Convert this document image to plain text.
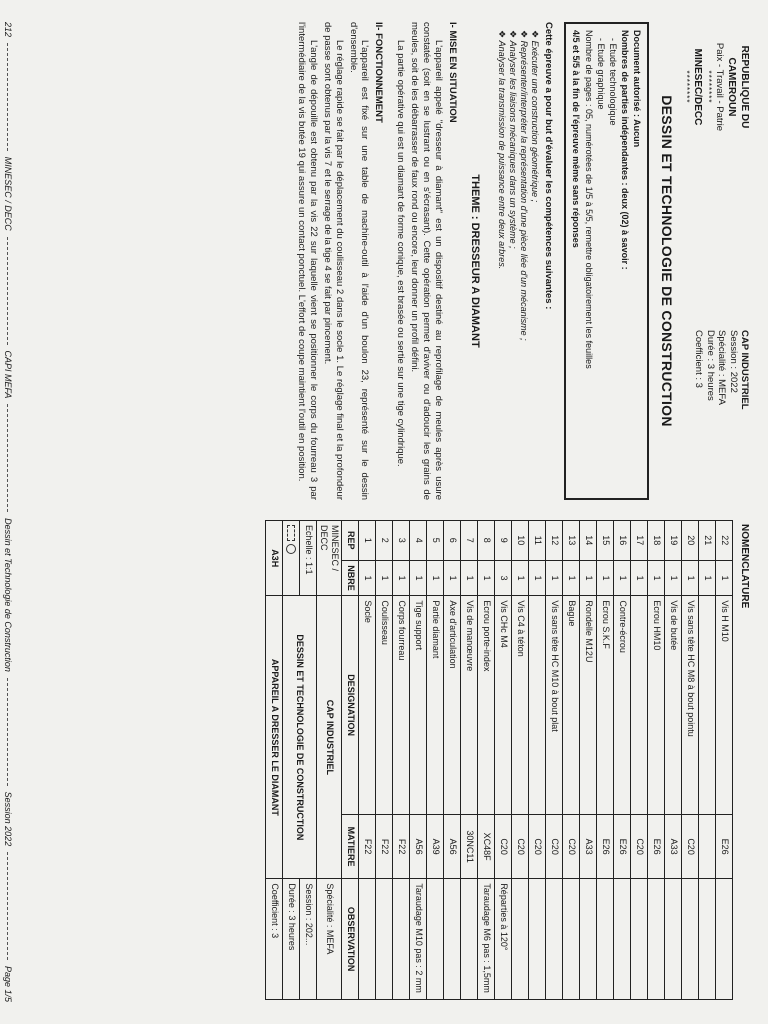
REPUBLIQUE DU CAMEROUN
Paix - Travail - Patrie
********
MINESEC/DECC
********
CAP INDUSTRIEL
Session : 2022
Spécialité : MEFA
Durée : 3 heures
Coefficient : 3
DESSIN ET TECHNOLOGIE DE CONSTRUCTION
Document autorisé : Aucun
Nombres de parties indépendantes : deux (02) à savoir :
- Etude technologique
- Etude graphique
Nombre de pages : 05, numérotées de 1/5 à 5/5, remettre obligatoirement les feuilles
4/5 et 5/5 à la fin de l'épreuve même sans réponses
Cette épreuve a pour but d'évaluer les compétences suivantes :
❖ Exécuter une construction géométrique ;
❖ Représenter/interpréter la représentation d'une pièce liée d'un mécanisme ;
❖ Analyser les liaisons mécaniques dans un système ;
❖ Analyser la transmission de puissance entre deux arbres.
THEME : DRESSEUR A DIAMANT
I- MISE EN SITUATION

L'appareil appelé "dresseur à diamant" est un dispositif destiné au reprofilage de meules après usure constatée (soit en se lustrant ou en s'écrasant). Cette opération permet d'aviver ou d'adoucir les grains de meules, soit de les débarrasser de faux rond ou encore, leur donner un profil défini.

La partie opérative qui est un diamant de forme conique, est brasée ou sertie sur une tige cylindrique.

II- FONCTIONNEMENT

L'appareil est fixé sur une table de machine-outil à l'aide d'un boulon 23, représenté sur le dessin d'ensemble.

Le réglage rapide se fait par le déplacement du coulisseau 2 dans le socle 1. Le réglage final et la profondeur de passe sont obtenus par la vis 7 et le serrage de la tige 4 se fait par pincement.

L'angle de dépouille est obtenu par la vis 22 sur laquelle vient se positionner le corps du fourreau 3 par l'intermédiaire de la vis butée 19 qui assure un contact ponctuel. L'effort de coupe maintient l'outil en position.

NOMENCLATURE
22	1	Vis H M10	E26	
21	1			
20	1	Vis sans tête HC M8 à bout pointu	C20	
19	1	Vis de butée	A33	
18	1	Ecrou HM10	E26	
17	1		C20	
16	1	Contre-écrou	E26	
15	1	Ecrou S.K.F	E26	
14	1	Rondelle M12U	A33	
13	1	Bague	C20	
12	1	Vis sans tête HC M10 à bout plat	C20	
11	1		C20	
10	1	Vis C4 à téton	C20	
9	3	Vis CHc M4	C20	Réparties à 120°
8	1	Ecrou porte-index	XC48F	Taraudage M6 pas : 1,5mm
7	1	Vis de manœuvre	30NC11	
6	1	Axe d'articulation	A56	
5	1	Partie diamant	A39	
4	1	Tige support	A56	Taraudage M10 pas : 2 mm
3	1	Corps fourreau	F22	
2	1	Coulisseau	F22	
1	1	Socle	F22	
REP	NBRE	DESIGNATION	MATIERE	OBSERVATION
MINESEC / DECC		CAP INDUSTRIEL		Spécialité : MEFA
Echelle : 1:1		DESSIN ET TECHNOLOGIE DE CONSTRUCTION		Session : 202...
				Durée : 3 heures
A3H		APPAREIL A DRESSER LE DIAMANT		Coefficient : 3
212
MINESEC / DECC
CAPI MEFA
Dessin et Technologie de Construction
Session 2022
Page 1/5
